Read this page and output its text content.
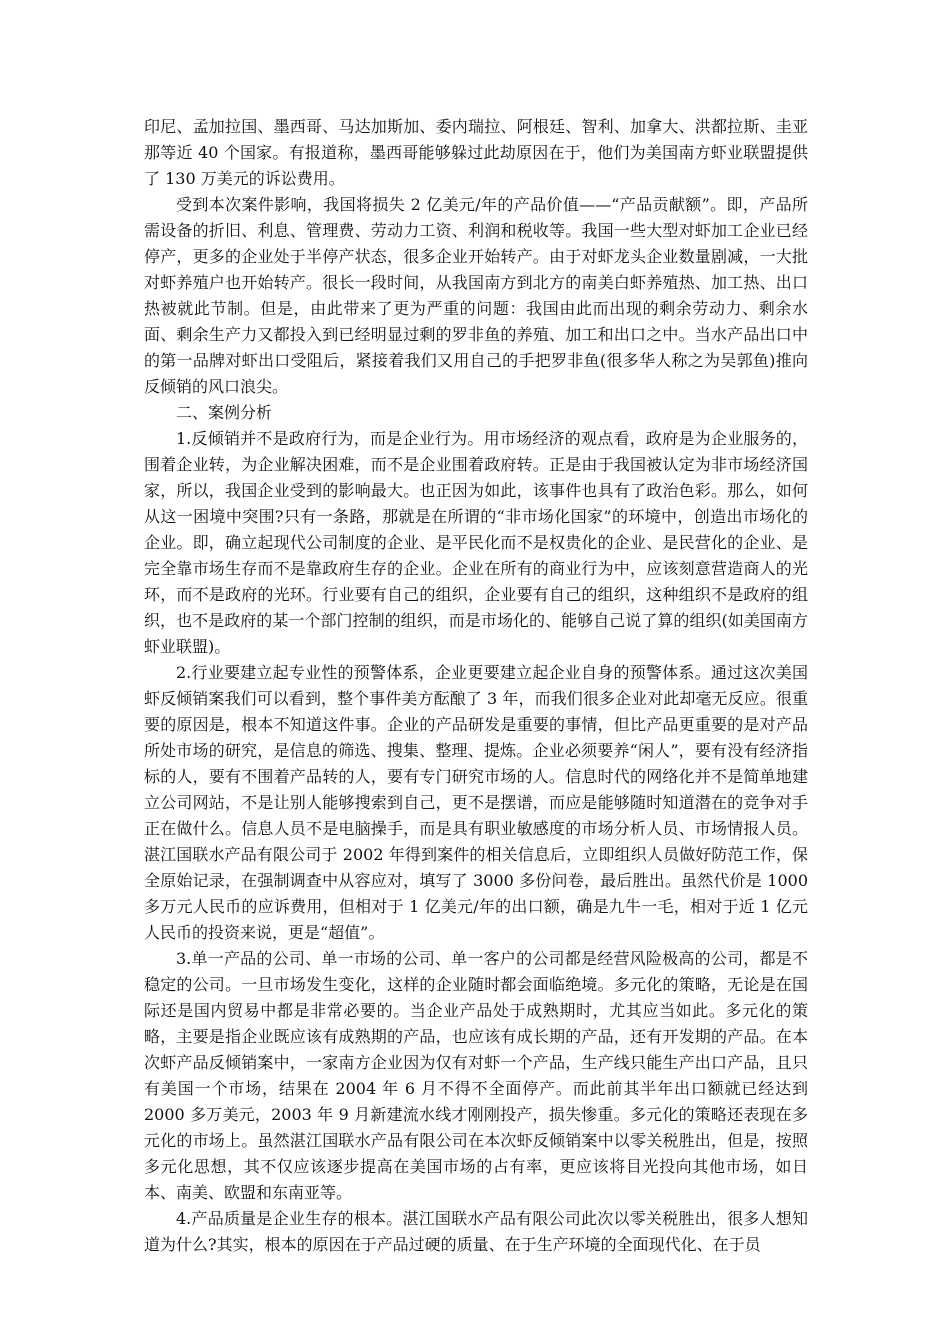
印尼、孟加拉国、墨西哥、马达加斯加、委内瑞拉、阿根廷、智利、加拿大、洪都拉斯、圭亚那等近 40 个国家。有报道称，墨西哥能够躲过此劫原因在于，他们为美国南方虾业联盟提供了 130 万美元的诉讼费用。

受到本次案件影响，我国将损失 2 亿美元/年的产品价值——“产品贡献额”。即，产品所需设备的折旧、利息、管理费、劳动力工资、利润和税收等。我国一些大型对虾加工企业已经停产，更多的企业处于半停产状态，很多企业开始转产。由于对虾龙头企业数量剧减，一大批对虾养殖户也开始转产。很长一段时间，从我国南方到北方的南美白虾养殖热、加工热、出口热被就此节制。但是，由此带来了更为严重的问题：我国由此而出现的剩余劳动力、剩余水面、剩余生产力又都投入到已经明显过剩的罗非鱼的养殖、加工和出口之中。当水产品出口中的第一品牌对虾出口受阻后，紧接着我们又用自己的手把罗非鱼(很多华人称之为吴郭鱼)推向反倾销的风口浪尖。

二、案例分析

1.反倾销并不是政府行为，而是企业行为。用市场经济的观点看，政府是为企业服务的，围着企业转，为企业解决困难，而不是企业围着政府转。正是由于我国被认定为非市场经济国家，所以，我国企业受到的影响最大。也正因为如此，该事件也具有了政治色彩。那么，如何从这一困境中突围?只有一条路，那就是在所谓的“非市场化国家”的环境中，创造出市场化的企业。即，确立起现代公司制度的企业、是平民化而不是权贵化的企业、是民营化的企业、是完全靠市场生存而不是靠政府生存的企业。企业在所有的商业行为中，应该刻意营造商人的光环，而不是政府的光环。行业要有自己的组织，企业要有自己的组织，这种组织不是政府的组织，也不是政府的某一个部门控制的组织，而是市场化的、能够自己说了算的组织(如美国南方虾业联盟)。

2.行业要建立起专业性的预警体系，企业更要建立起企业自身的预警体系。通过这次美国虾反倾销案我们可以看到，整个事件美方酝酿了 3 年，而我们很多企业对此却毫无反应。很重要的原因是，根本不知道这件事。企业的产品研发是重要的事情，但比产品更重要的是对产品所处市场的研究，是信息的筛选、搜集、整理、提炼。企业必须要养“闲人”，要有没有经济指标的人，要有不围着产品转的人，要有专门研究市场的人。信息时代的网络化并不是简单地建立公司网站，不是让别人能够搜索到自己，更不是摆谱，而应是能够随时知道潜在的竞争对手正在做什么。信息人员不是电脑操手，而是具有职业敏感度的市场分析人员、市场情报人员。湛江国联水产品有限公司于 2002 年得到案件的相关信息后，立即组织人员做好防范工作，保全原始记录，在强制调查中从容应对，填写了 3000 多份问卷，最后胜出。虽然代价是 1000 多万元人民币的应诉费用，但相对于 1 亿美元/年的出口额，确是九牛一毛，相对于近 1 亿元人民币的投资来说，更是“超值”。

3.单一产品的公司、单一市场的公司、单一客户的公司都是经营风险极高的公司，都是不稳定的公司。一旦市场发生变化，这样的企业随时都会面临绝境。多元化的策略，无论是在国际还是国内贸易中都是非常必要的。当企业产品处于成熟期时，尤其应当如此。多元化的策略，主要是指企业既应该有成熟期的产品，也应该有成长期的产品，还有开发期的产品。在本次虾产品反倾销案中，一家南方企业因为仅有对虾一个产品，生产线只能生产出口产品，且只有美国一个市场，结果在 2004 年 6 月不得不全面停产。而此前其半年出口额就已经达到 2000 多万美元，2003 年 9 月新建流水线才刚刚投产，损失惨重。多元化的策略还表现在多元化的市场上。虽然湛江国联水产品有限公司在本次虾反倾销案中以零关税胜出，但是，按照多元化思想，其不仅应该逐步提高在美国市场的占有率，更应该将目光投向其他市场，如日本、南美、欧盟和东南亚等。

4.产品质量是企业生存的根本。湛江国联水产品有限公司此次以零关税胜出，很多人想知道为什么?其实，根本的原因在于产品过硬的质量、在于生产环境的全面现代化、在于员
